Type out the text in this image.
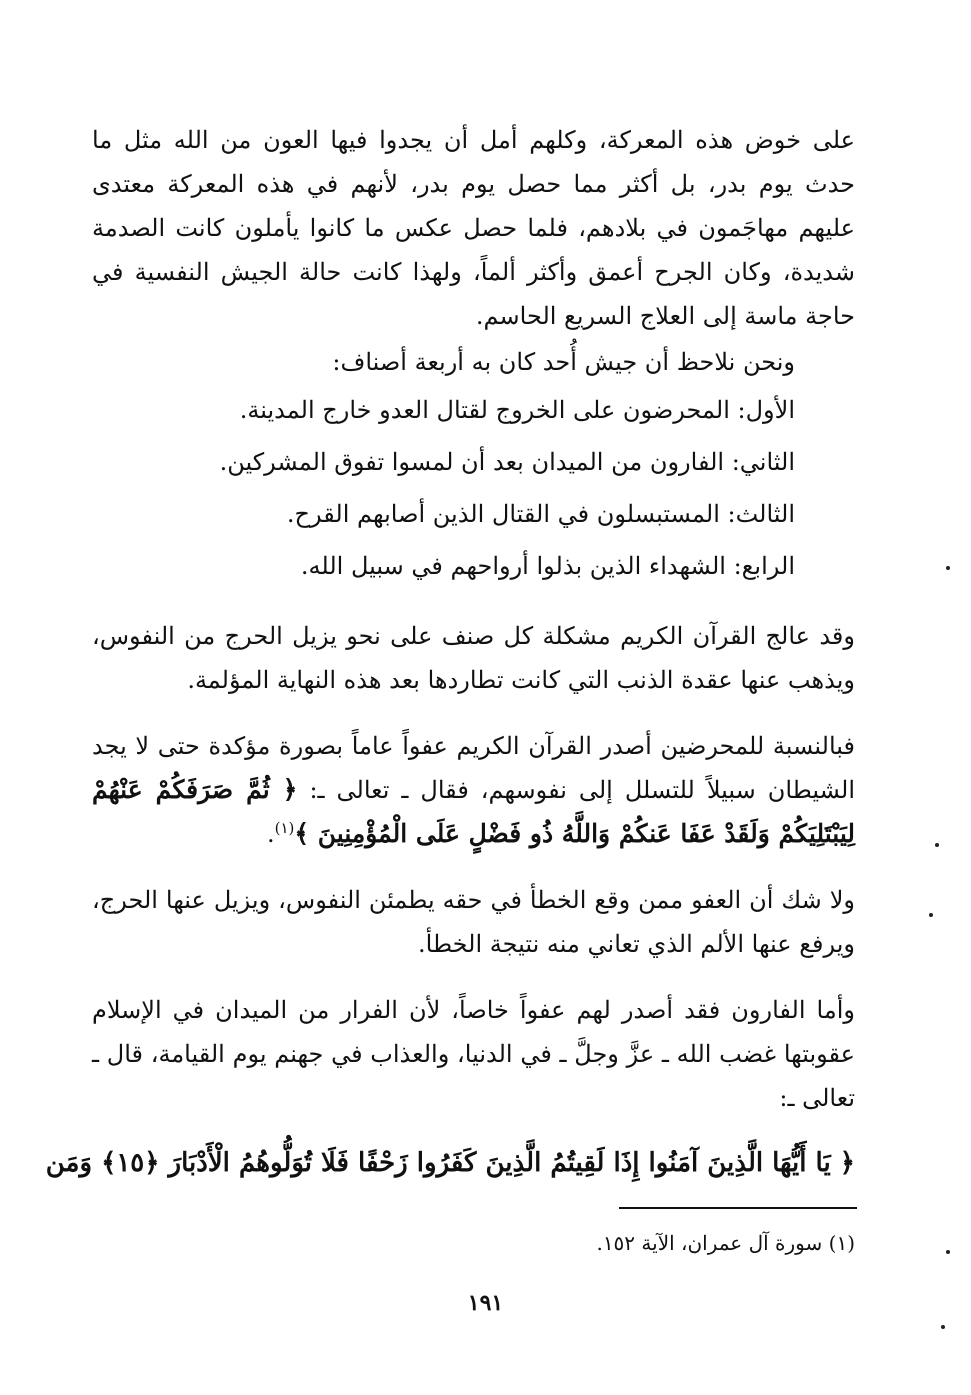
على خوض هذه المعركة، وكلهم أمل أن يجدوا فيها العون من الله مثل ما حدث يوم بدر، بل أكثر مما حصل يوم بدر، لأنهم في هذه المعركة معتدى عليهم مهاجَمون في بلادهم، فلما حصل عكس ما كانوا يأملون كانت الصدمة شديدة، وكان الجرح أعمق وأكثر ألماً، ولهذا كانت حالة الجيش النفسية في حاجة ماسة إلى العلاج السريع الحاسم.

ونحن نلاحظ أن جيش أُحد كان به أربعة أصناف:

الأول: المحرضون على الخروج لقتال العدو خارج المدينة.
الثاني: الفارون من الميدان بعد أن لمسوا تفوق المشركين.
الثالث: المستبسلون في القتال الذين أصابهم القرح.
الرابع: الشهداء الذين بذلوا أرواحهم في سبيل الله.

وقد عالج القرآن الكريم مشكلة كل صنف على نحو يزيل الحرج من النفوس، ويذهب عنها عقدة الذنب التي كانت تطاردها بعد هذه النهاية المؤلمة.

فبالنسبة للمحرضين أصدر القرآن الكريم عفواً عاماً بصورة مؤكدة حتى لا يجد الشيطان سبيلاً للتسلل إلى نفوسهم، فقال ـ تعالى ـ: ﴿ ثُمَّ صَرَفَكُمْ عَنْهُمْ لِيَبْتَلِيَكُمْ وَلَقَدْ عَفَا عَنكُمْ وَاللَّهُ ذُو فَضْلٍ عَلَى الْمُؤْمِنِينَ ﴾$^{(١)}$.

ولا شك أن العفو ممن وقع الخطأ في حقه يطمئن النفوس، ويزيل عنها الحرج، ويرفع عنها الألم الذي تعاني منه نتيجة الخطأ.

وأما الفارون فقد أصدر لهم عفواً خاصاً، لأن الفرار من الميدان في الإسلام عقوبتها غضب الله ـ عزَّ وجلَّ ـ في الدنيا، والعذاب في جهنم يوم القيامة، قال ـ تعالى ـ:

﴿ يَا أَيُّهَا الَّذِينَ آمَنُوا إِذَا لَقِيتُمُ الَّذِينَ كَفَرُوا زَحْفًا فَلَا تُوَلُّوهُمُ الْأَدْبَارَ ﴿١٥﴾ وَمَن
(١) سورة آل عمران، الآية ١٥٢.
١٩١
